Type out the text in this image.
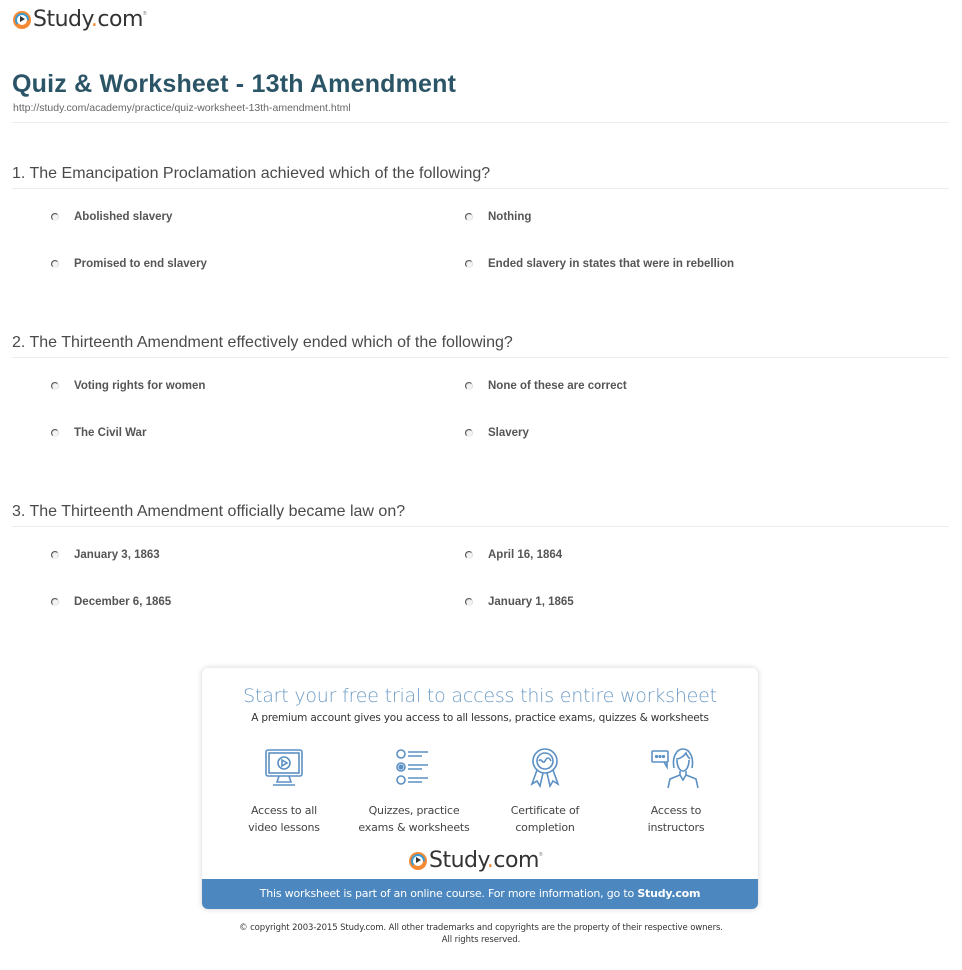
Study.com ®
Quiz & Worksheet - 13th Amendment
http://study.com/academy/practice/quiz-worksheet-13th-amendment.html
1. The Emancipation Proclamation achieved which of the following?
Abolished slavery	Nothing
Promised to end slavery	Ended slavery in states that were in rebellion
2. The Thirteenth Amendment effectively ended which of the following?
Voting rights for women	None of these are correct
The Civil War	Slavery
3. The Thirteenth Amendment officially became law on?
January 3, 1863	April 16, 1864
December 6, 1865	January 1, 1865
Start your free trial to access this entire worksheet
A premium account gives you access to all lessons, practice exams, quizzes & worksheets
Access to all
video lessons
Quizzes, practice
exams & worksheets
Certificate of
completion
Access to
instructors
Study.com ®
This worksheet is part of an online course. For more information, go to Study.com
© copyright 2003-2015 Study.com. All other trademarks and copyrights are the property of their respective owners.
All rights reserved.
